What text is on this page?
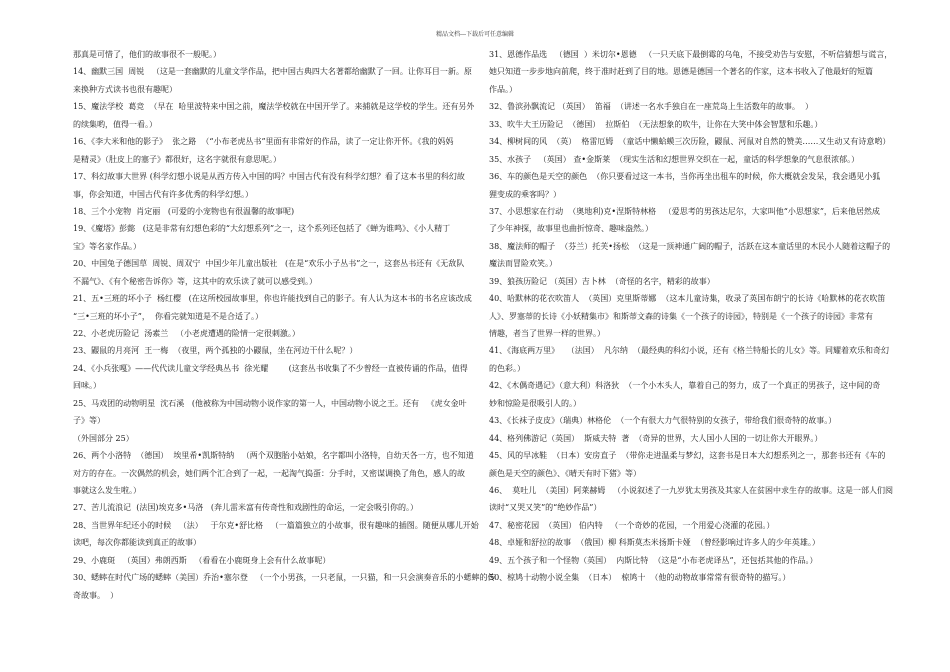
精品文档---下载后可任意编辑
那真是可惜了，他们的故事很不一般呢。）
14、幽默三国  周锐   （这是一套幽默的儿童文学作品，把中国古典四大名著都给幽默了一回。让你耳目一新。原
来换种方式读书也很有趣呢）
15、魔法学校  葛竞  （早在  哈里波特来中国之前，魔法学校就在中国开学了。来捕就是这学校的学生。还有另外
的续集哟，值得一看。）
16、《李大米和他的影子》  张之路  （“小布老虎丛书”里面有非常好的作品，读了一定让你开怀。《我的妈妈
是精灵》（肚皮上的塞子》都很好，这名字就很有意思呢。）
17、科幻故事大世界 (科学幻想小说是从西方传入中国的吗？中国古代有没有科学幻想？看了这本书里的科幻故
事，你会知道，中国古代有许多优秀的科学幻想。）
18、三个小宠物  肖定丽   (可爱的小宠物也有很温馨的故事呢)
19、《魔塔》彭懿   (这是非常有幻想色彩的“大幻想系列”之一，这个系列还包括了《蝉为谁鸣》、《小人精丁
宝》等名家作品。）
20、中国兔子德国草  周锐、周双宁  中国少年儿童出版社   (在是“欢乐小子丛书”之一，这套丛书还有《无敌队
不漏气》、《有个秘密告诉你》等，这其中的欢乐读了就可以感受到。）
21、五•三班的坏小子  杨红樱   (在这所校园故事里，你也许能找到自己的影子。有人认为这本书的书名应该改成
“三•三班的坏小子”，  你看完就知道是不是合适了。）
22、小老虎历险记  汤素兰   （小老虎遭遇的险情一定很刺激。）
23、鼹鼠的月亮河  王一梅  （夜里，两个孤独的小鼹鼠，坐在河边干什么呢？）
24、《小兵张嘎》——代代读儿童文学经典丛书  徐光耀        (这套丛书收集了不少曾经一直被传诵的作品，值得
回味。）
25、马戏团的动物明星  沈石溪   (他被称为中国动物小说作家的第一人，中国动物小说之王。还有   《虎女金叶
子》等）
（外国部分 25）
26、两个小洛特  （德国）  埃里希•凯斯特纳   （两个双胞胎小姑娘，名字都叫小洛特，自幼天各一方，也不知道
对方的存在。一次偶然的机会，她们两个汇合到了一起，一起淘气捣蛋：分手时，又密谋调换了角色，感人的故
事就这么发生啦。）
27、苦儿流浪记  (法国)埃克多•马洛   (奔儿雷米富有传奇性和戏剧性的命运，一定会吸引你的。）
28、当世界年纪还小的时候   （法）   于尔克•舒比格   （一篇篇独立的小故事，很有趣味的插图。随便从哪儿开始
读吧，每次你都能读到真正的故事）
29、小鹿斑   （英国）弗朗西斯   （看看在小鹿斑身上会有什么故事呢）
30、蟋蟀在时代广场的蟋蟀（美国）乔治•塞尔登   （一个小男孩，一只老鼠，一只猫，和一只会演奏音乐的小蟋蟀的传
奇故事。  ）
31、恩德作品选   （德国  ）米切尔•恩德   （一只天底下最倒霉的乌龟，不接受劝告与安慰，不听信猜想与谎言，
她只知道一步步地向前爬，终于准时赶到了目的地。恩德是德国一个著名的作家，这本书收入了他最好的短篇
作品。）
32、鲁滨孙飘流记 （英国）  笛福  （讲述一名水手独自在一座荒岛上生活数年的故事。  ）
33、吹牛大王历险记  （德国）  拉斯伯  （无法想象的吹牛，让你在大笑中体会智慧和乐趣。）
34、柳树间的风  （英）  格雷厄姆  （童话中懒蛤蟆三次历险，鼹鼠、河鼠对自然的赞美……又生动又有诗意哟）
35、水孩子   （英国） 查•金斯莱  （现实生活和幻想世界交织在一起，童话的科学想象的气息很浓郁。）
36、车的颜色是天空的颜色  （你只要看过这一本书，当你再坐出租车的时候，你大概就会发呆，我会遇见小狐
狸变成的乘客吗？）
37、小思想家在行动  （奥地利)克•涅斯特林格   （爱思考的男孩达尼尔，大家叫他“小思想家”，后来他居然成
了少年神探，故事里也曲折惊奇、趣味盎然。）
38、魔法师的帽子  （芬兰）托芙•扬松  （这是一顶神通广阔的帽子，活跃在这本童话里的木民小人随着这帽子的
魔法而冒险欢笑。）
39、狼孩历险记 （英国）吉卜林  （奇怪的名字，精彩的故事）
40、哈默林的花衣吹笛人  （英国）克里斯蒂娜  （这本儿童诗集，收录了英国布朗宁的长诗《哈默林的花衣吹笛
人》、罗塞蒂的长诗《小妖精集市》和斯蒂文森的诗集《一个孩子的诗园》，特别是《一个孩子的诗园》非常有
情趣，者当了世界一样的世界。）
41、《海底两万里》   （法国）  凡尔纳  （最经典的科幻小说，还有《格兰特船长的儿女》等。同耀着欢乐和奇幻
的色彩。）
42、《木偶奇遇记》（意大利）科洛狄  （一个小木头人，靠着自己的努力，成了一个真正的男孩子，这中间的奇
妙和惊险是很吸引人的。）
43、《长袜子皮皮》（瑞典）林格伦  （一个有很大力气很特别的女孩子，带给我们很奇特的故事。）
44、格列佛游记（英国）  斯威夫特  著  （奇异的世界，大人国小人国的一切让你大开眼界。）
45、风的早冰鞋  （日本）安房直子  （带你走进温柔与梦幻，这套书是日本大幻想系列之一，那套书还有《车的
颜色是天空的颜色》、《晴天有时下猪》等）
46、  莫吐儿  （美国）阿莱赫姆   （小说叙述了一九岁犹太男孩及其家人在贫困中求生存的故事。这是一部人们阅
读时“又哭又笑”的“绝妙作品”）
47、秘密花园  （英国） 伯内特   （一个奇妙的花园，一个用爱心浇灌的花园。）
48、卓娅和舒拉的故事  （俄国）柳 科斯莫杰米扬斯卡娅  （曾经影响过许多人的少年英雄。）
49、五个孩子和一个怪物（英国）  内斯比特  （这是“小布老虎译丛”，还包括其他的作品。）
50、椋鸠十动物小说全集  （日本）  椋鸠十  （他的动物故事常常有很奇特的描写。）
